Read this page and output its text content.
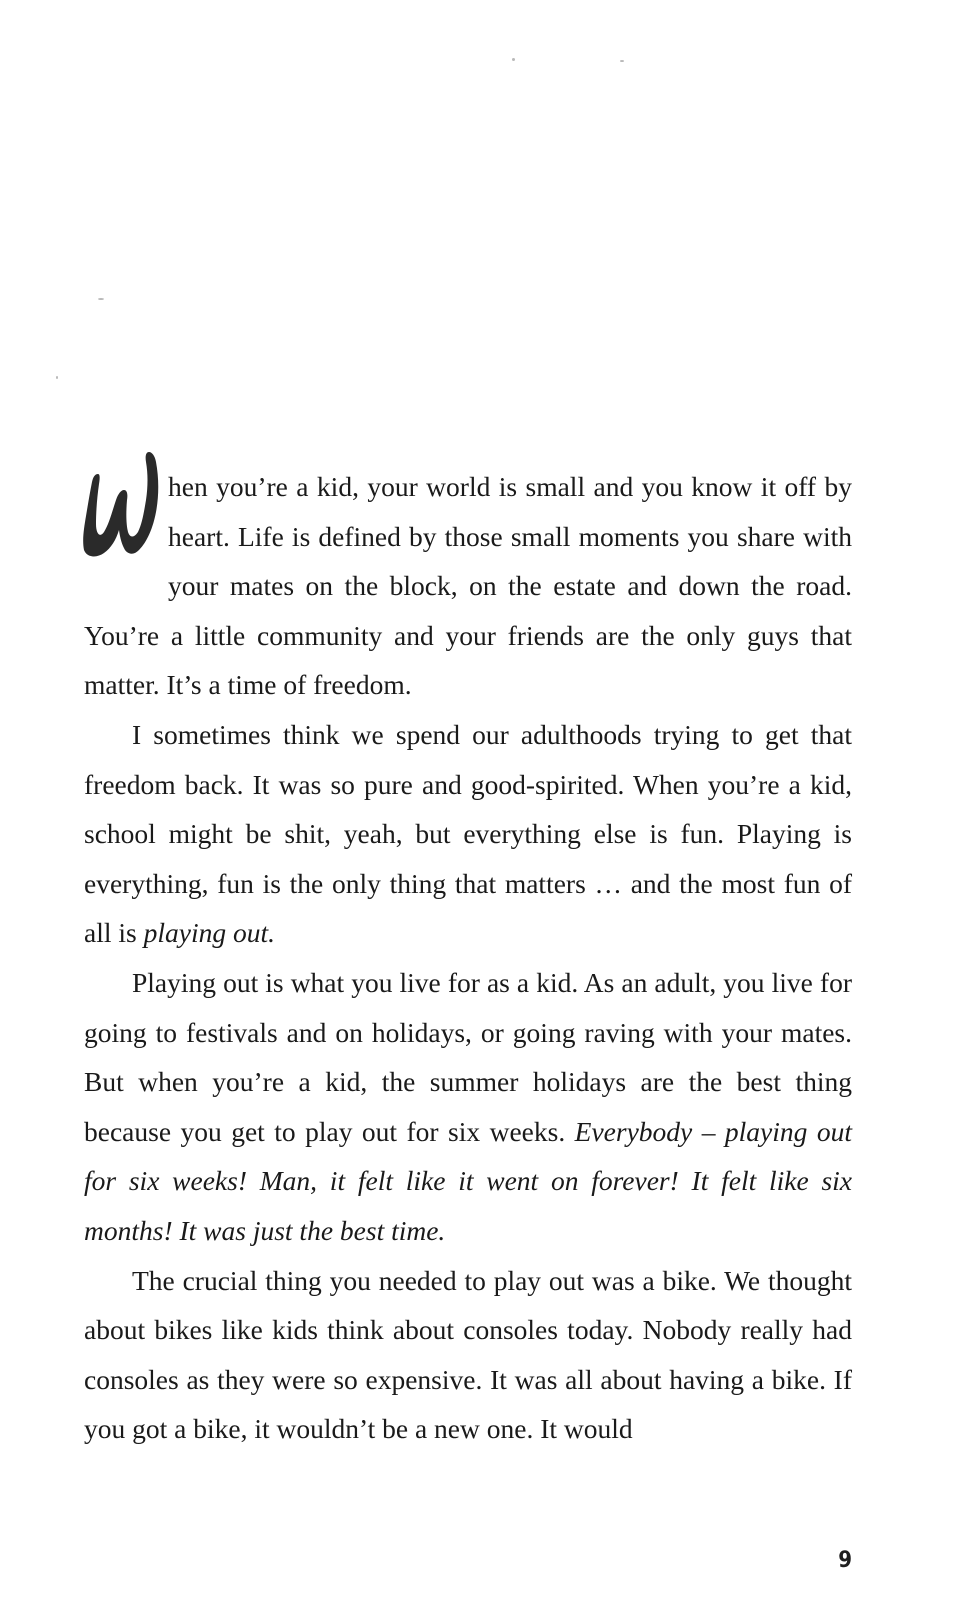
hen you’re a kid, your world is small and you know it off by heart. Life is defined by those small moments you share with your mates on the block, on the estate and down the road. You’re a little community and your friends are the only guys that matter. It’s a time of freedom.

I sometimes think we spend our adulthoods trying to get that freedom back. It was so pure and good-spirited. When you’re a kid, school might be shit, yeah, but everything else is fun. Playing is everything, fun is the only thing that matters … and the most fun of all is playing out.

Playing out is what you live for as a kid. As an adult, you live for going to festivals and on holidays, or going raving with your mates. But when you’re a kid, the summer holidays are the best thing because you get to play out for six weeks. Everybody – playing out for six weeks! Man, it felt like it went on forever! It felt like six months! It was just the best time.

The crucial thing you needed to play out was a bike. We thought about bikes like kids think about consoles today. Nobody really had consoles as they were so expensive. It was all about having a bike. If you got a bike, it wouldn’t be a new one. It would

9
